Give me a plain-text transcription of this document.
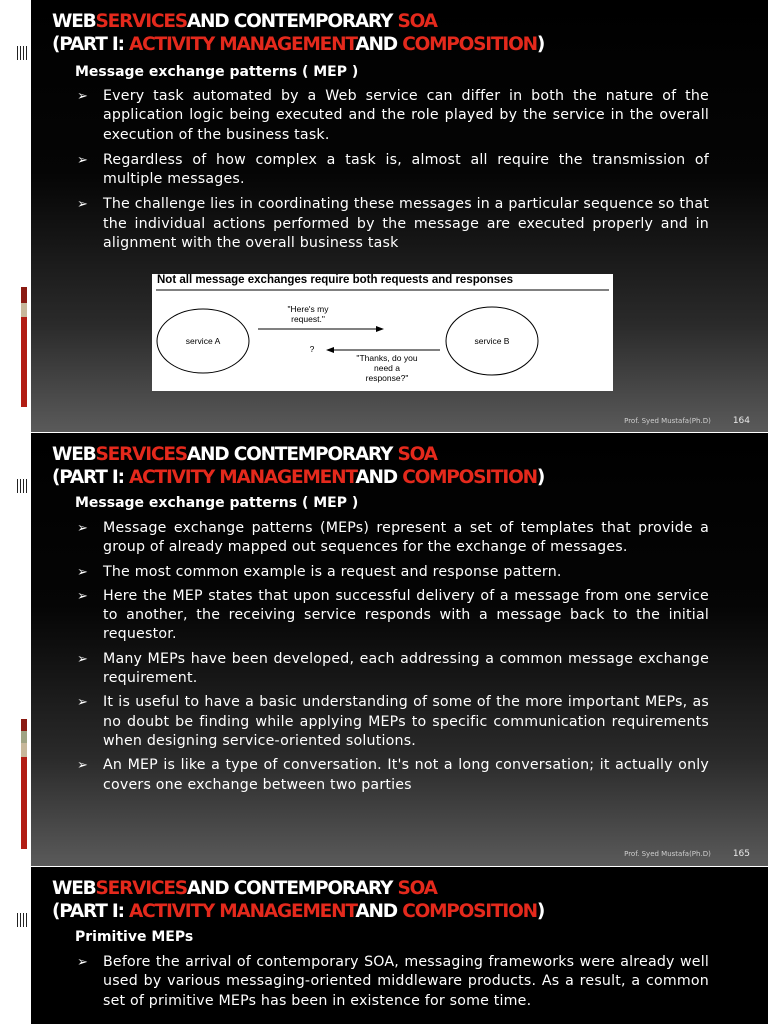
WEBSERVICESAND CONTEMPORARY SOA
(PART I: ACTIVITY MANAGEMENTAND COMPOSITION)
Message exchange patterns ( MEP )
➢ Every task automated by a Web service can differ in both the nature of the application logic being executed and the role played by the service in the overall execution of the business task.
➢ Regardless of how complex a task is, almost all require the transmission of multiple messages.
➢ The challenge lies in coordinating these messages in a particular sequence so that the individual actions performed by the message are executed properly and in alignment with the overall business task
Not all message exchanges require both requests and responses
service A	service B
"Here's my request."
?
"Thanks, do you need a response?"
Prof. Syed Mustafa(Ph.D) 164
WEBSERVICESAND CONTEMPORARY SOA
(PART I: ACTIVITY MANAGEMENTAND COMPOSITION)
Message exchange patterns ( MEP )
➢ Message exchange patterns (MEPs) represent a set of templates that provide a group of already mapped out sequences for the exchange of messages.
➢ The most common example is a request and response pattern.
➢ Here the MEP states that upon successful delivery of a message from one service to another, the receiving service responds with a message back to the initial requestor.
➢ Many MEPs have been developed, each addressing a common message exchange requirement.
➢ It is useful to have a basic understanding of some of the more important MEPs, as no doubt be finding while applying MEPs to specific communication requirements when designing service-oriented solutions.
➢ An MEP is like a type of conversation. It's not a long conversation; it actually only covers one exchange between two parties
Prof. Syed Mustafa(Ph.D) 165
WEBSERVICESAND CONTEMPORARY SOA
(PART I: ACTIVITY MANAGEMENTAND COMPOSITION)
Primitive MEPs
➢ Before the arrival of contemporary SOA, messaging frameworks were already well used by various messaging-oriented middleware products. As a result, a common set of primitive MEPs has been in existence for some time.
